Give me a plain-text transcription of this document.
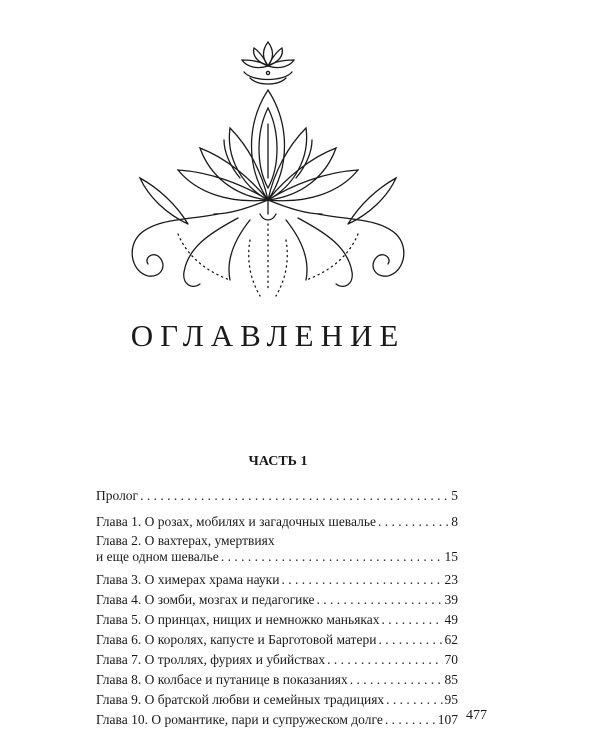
ОГЛАВЛЕНИЕ
ЧАСТЬ 1
Пролог . . .	5
Глава 1. О розах, мобилях и загадочных шевалье . . .	8
Глава 2. О вахтерах, умертвиях
и еще одном шевалье . . .	15
Глава 3. О химерах храма науки . . .	23
Глава 4. О зомби, мозгах и педагогике . . .	39
Глава 5. О принцах, нищих и немножко маньяках . . .	49
Глава 6. О королях, капусте и Барготовой матери . . .	62
Глава 7. О троллях, фуриях и убийствах . . .	70
Глава 8. О колбасе и путанице в показаниях . . .	85
Глава 9. О братской любви и семейных традициях . . .	95
Глава 10. О романтике, пари и супружеском долге . . .	107 477
